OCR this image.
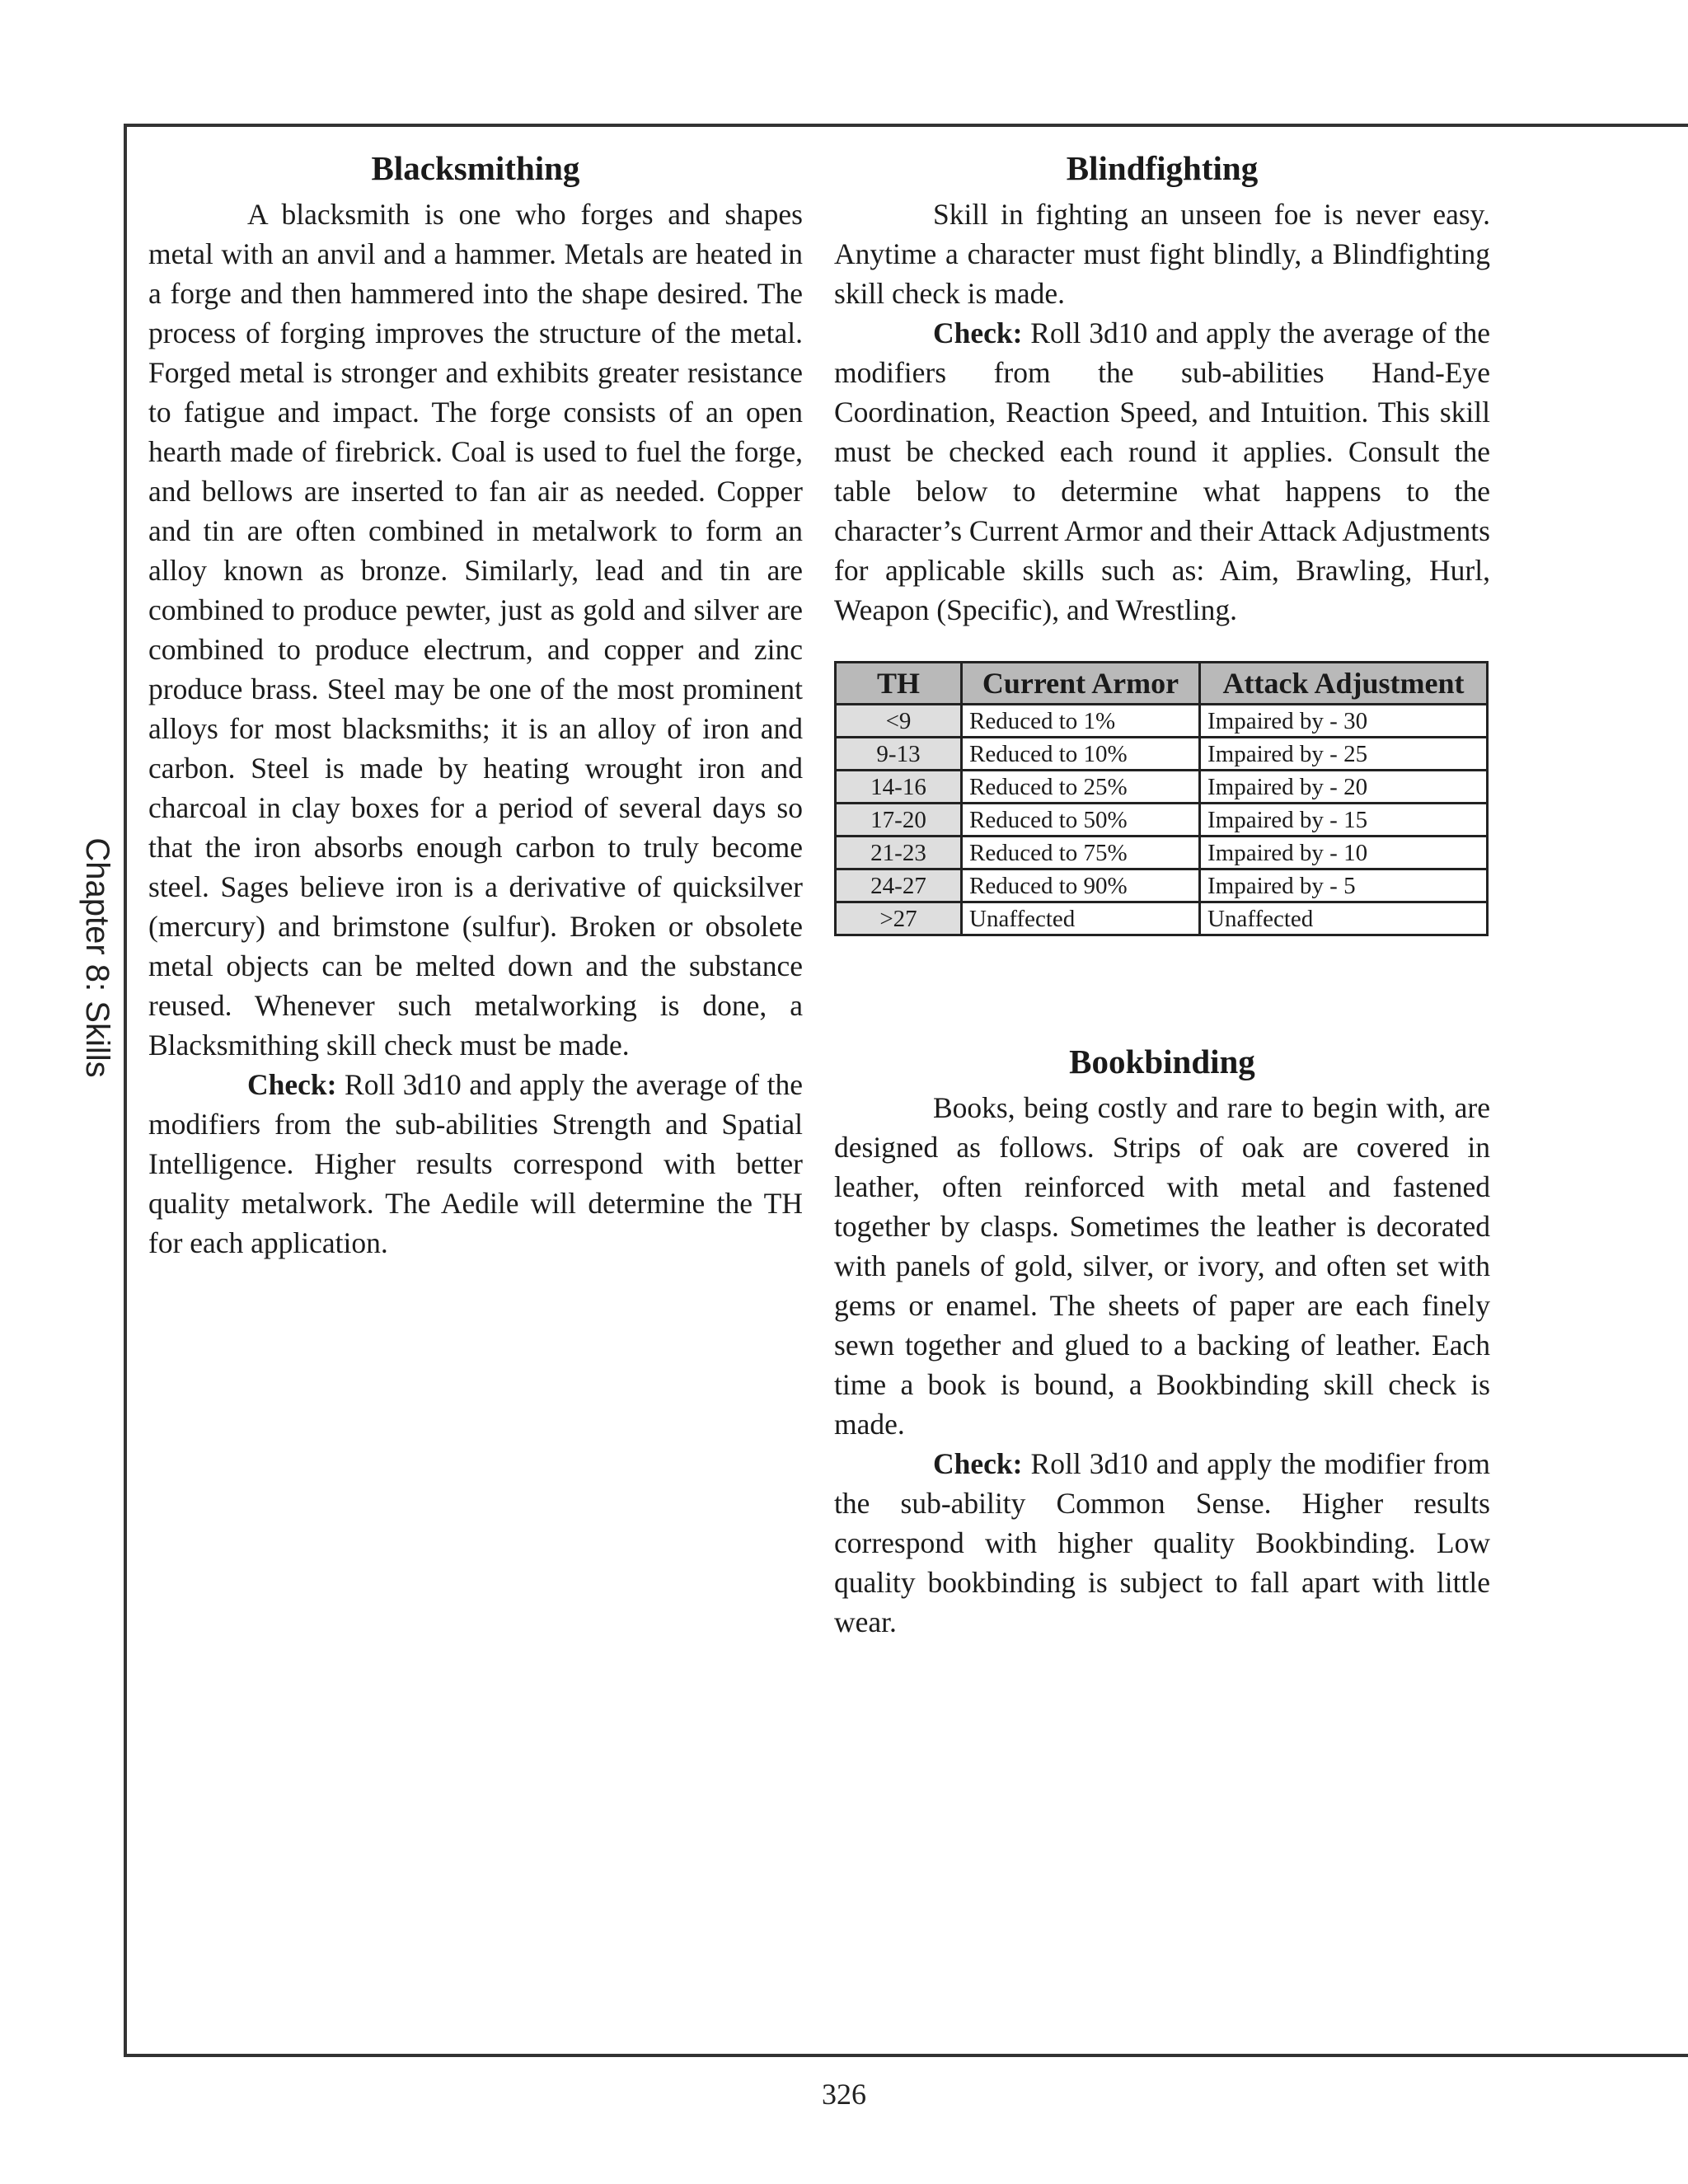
Chapter 8: Skills
Blacksmithing

A blacksmith is one who forges and shapes metal with an anvil and a hammer. Metals are heated in a forge and then hammered into the shape desired. The process of forging improves the structure of the metal. Forged metal is stronger and exhibits greater resistance to fatigue and impact. The forge consists of an open hearth made of firebrick. Coal is used to fuel the forge, and bellows are inserted to fan air as needed. Copper and tin are often combined in metalwork to form an alloy known as bronze. Similarly, lead and tin are combined to produce pewter, just as gold and silver are combined to produce electrum, and copper and zinc produce brass. Steel may be one of the most prominent alloys for most blacksmiths; it is an alloy of iron and carbon. Steel is made by heating wrought iron and charcoal in clay boxes for a period of several days so that the iron absorbs enough carbon to truly become steel. Sages believe iron is a derivative of quicksilver (mercury) and brimstone (sulfur). Broken or obsolete metal objects can be melted down and the substance reused. Whenever such metalworking is done, a Blacksmithing skill check must be made.

Check: Roll 3d10 and apply the average of the modifiers from the sub-abilities Strength and Spatial Intelligence. Higher results correspond with better quality metalwork. The Aedile will determine the TH for each application.

Blindfighting

Skill in fighting an unseen foe is never easy. Anytime a character must fight blindly, a Blindfighting skill check is made.

Check: Roll 3d10 and apply the average of the modifiers from the sub-abilities Hand-Eye Coordination, Reaction Speed, and Intuition. This skill must be checked each round it applies. Consult the table below to determine what happens to the character’s Current Armor and their Attack Adjustments for applicable skills such as: Aim, Brawling, Hurl, Weapon (Specific), and Wrestling.

TH	Current Armor	Attack Adjustment
<9	Reduced to 1%	Impaired by - 30
9-13	Reduced to 10%	Impaired by - 25
14-16	Reduced to 25%	Impaired by - 20
17-20	Reduced to 50%	Impaired by - 15
21-23	Reduced to 75%	Impaired by - 10
24-27	Reduced to 90%	Impaired by - 5
>27	Unaffected	Unaffected
Bookbinding

Books, being costly and rare to begin with, are designed as follows. Strips of oak are covered in leather, often reinforced with metal and fastened together by clasps. Sometimes the leather is decorated with panels of gold, silver, or ivory, and often set with gems or enamel. The sheets of paper are each finely sewn together and glued to a backing of leather. Each time a book is bound, a Bookbinding skill check is made.

Check: Roll 3d10 and apply the modifier from the sub-ability Common Sense. Higher results correspond with higher quality Bookbinding. Low quality bookbinding is subject to fall apart with little wear.

326
